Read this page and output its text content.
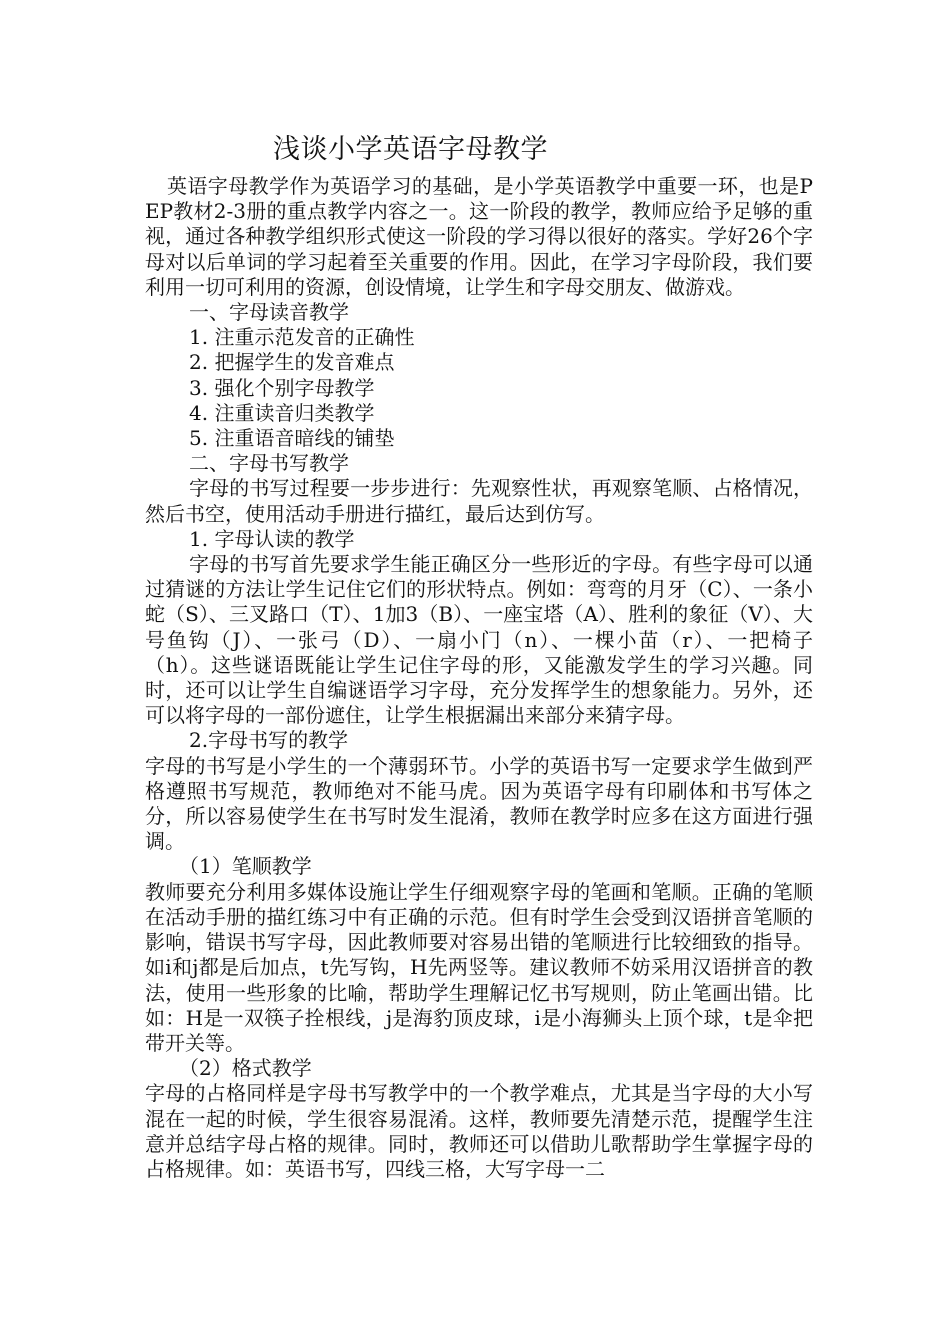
浅谈小学英语字母教学

英语字母教学作为英语学习的基础，是小学英语教学中重要一环，也是PEP教材2-3册的重点教学内容之一。这一阶段的教学，教师应给予足够的重视，通过各种教学组织形式使这一阶段的学习得以很好的落实。学好26个字母对以后单词的学习起着至关重要的作用。因此，在学习字母阶段，我们要利用一切可利用的资源，创设情境，让学生和字母交朋友、做游戏。

一、字母读音教学
1. 注重示范发音的正确性
2. 把握学生的发音难点
3. 强化个别字母教学
4. 注重读音归类教学
5. 注重语音暗线的铺垫
二、字母书写教学

字母的书写过程要一步步进行：先观察性状，再观察笔顺、占格情况，然后书空，使用活动手册进行描红，最后达到仿写。

1. 字母认读的教学

字母的书写首先要求学生能正确区分一些形近的字母。有些字母可以通过猜谜的方法让学生记住它们的形状特点。例如：弯弯的月牙（C）、一条小蛇（S）、三叉路口（T）、1加3（B）、一座宝塔（A）、胜利的象征（V）、大号鱼钩（J）、一张弓（D）、一扇小门（n）、一棵小苗（r）、一把椅子（h）。这些谜语既能让学生记住字母的形，又能激发学生的学习兴趣。同时，还可以让学生自编谜语学习字母，充分发挥学生的想象能力。另外，还可以将字母的一部份遮住，让学生根据漏出来部分来猜字母。

2.字母书写的教学

字母的书写是小学生的一个薄弱环节。小学的英语书写一定要求学生做到严格遵照书写规范，教师绝对不能马虎。因为英语字母有印刷体和书写体之分，所以容易使学生在书写时发生混淆，教师在教学时应多在这方面进行强调。

（1）笔顺教学

教师要充分利用多媒体设施让学生仔细观察字母的笔画和笔顺。正确的笔顺在活动手册的描红练习中有正确的示范。但有时学生会受到汉语拼音笔顺的影响，错误书写字母，因此教师要对容易出错的笔顺进行比较细致的指导。如i和j都是后加点，t先写钩，H先两竖等。建议教师不妨采用汉语拼音的教法，使用一些形象的比喻，帮助学生理解记忆书写规则，防止笔画出错。比如：H是一双筷子拴根线，j是海豹顶皮球，i是小海狮头上顶个球，t是伞把带开关等。

（2）格式教学

字母的占格同样是字母书写教学中的一个教学难点，尤其是当字母的大小写混在一起的时候，学生很容易混淆。这样，教师要先清楚示范，提醒学生注意并总结字母占格的规律。同时，教师还可以借助儿歌帮助学生掌握字母的占格规律。如：英语书写，四线三格，大写字母一二
